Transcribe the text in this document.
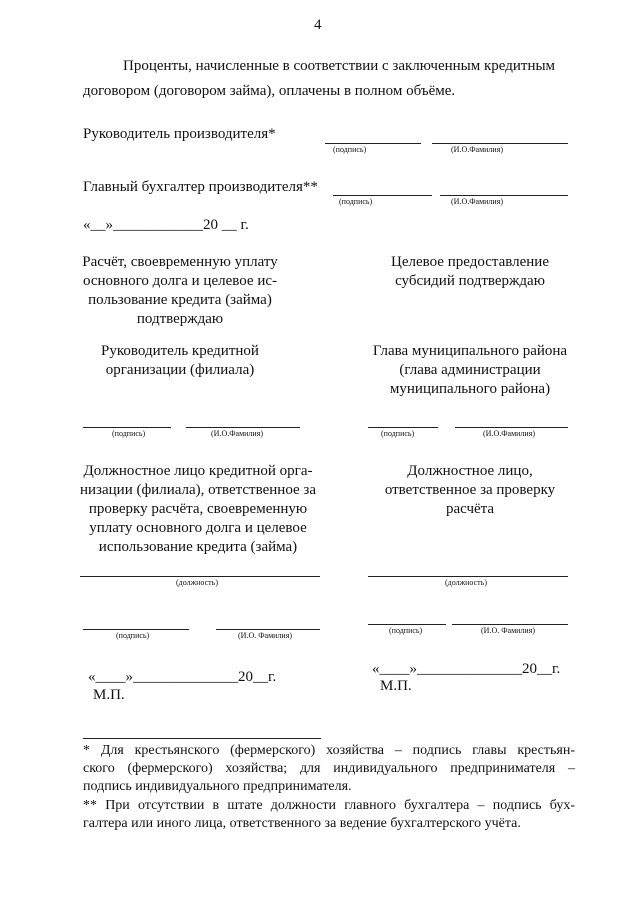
4
Проценты, начисленные в соответствии с заключенным кредитным
договором (договором займа), оплачены в полном объёме.
Руководитель производителя*
(подпись)	(И.О.Фамилия)
Главный бухгалтер производителя**
(подпись)	(И.О.Фамилия)
«__»____________20 __ г.
Расчёт, своевременную уплату
основного долга и целевое ис-
пользование кредита (займа)
подтверждаю
Целевое предоставление
субсидий подтверждаю
Руководитель кредитной
организации (филиала)
Глава муниципального района
(глава администрации
муниципального района)
(подпись)	(И.О.Фамилия)	(подпись)	(И.О.Фамилия)
Должностное лицо кредитной орга-
низации (филиала), ответственное за
проверку расчёта, своевременную
уплату основного долга и целевое
использование кредита (займа)
Должностное лицо,
ответственное за проверку
расчёта
(должность)	(должность)
(подпись)	(И.О. Фамилия)
(подпись)	(И.О. Фамилия)
«____»______________20__г.
М.П.
«____»______________20__г.
М.П.
* Для крестьянского (фермерского) хозяйства – подпись главы крестьян-
ского (фермерского) хозяйства; для индивидуального предпринимателя –
подпись индивидуального предпринимателя.
** При отсутствии в штате должности главного бухгалтера – подпись бух-
галтера или иного лица, ответственного за ведение бухгалтерского учёта.
